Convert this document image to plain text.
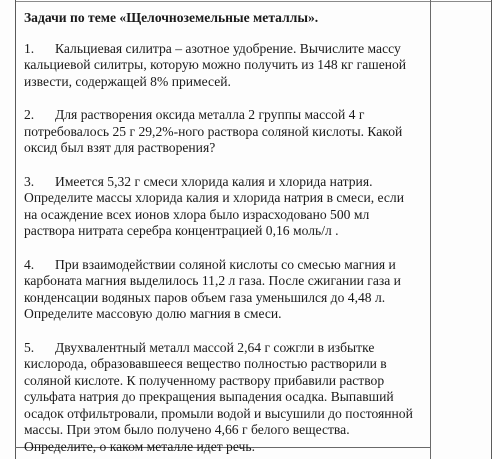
Задачи по теме «Щелочноземельные металлы».
1. Кальциевая силитра – азотное удобрение. Вычислите массу
кальциевой силитры, которую можно получить из 148 кг гашеной
извести, содержащей 8% примесей.
2. Для растворения оксида металла 2 группы массой 4 г
потребовалось 25 г 29,2%-ного раствора соляной кислоты. Какой
оксид был взят для растворения?
3. Имеется 5,32 г смеси хлорида калия и хлорида натрия.
Определите массы хлорида калия и хлорида натрия в смеси, если
на осаждение всех ионов хлора было израсходовано 500 мл
раствора нитрата серебра концентрацией 0,16 моль/л .
4. При взаимодействии соляной кислоты со смесью магния и
карбоната магния выделилось 11,2 л газа. После сжигании газа и
конденсации водяных паров объем газа уменьшился до 4,48 л.
Определите массовую долю магния в смеси.
5. Двухвалентный металл массой 2,64 г сожгли в избытке
кислорода, образовавшееся вещество полностью растворили в
соляной кислоте. К полученному раствору прибавили раствор
сульфата натрия до прекращения выпадения осадка. Выпавший
осадок отфильтровали, промыли водой и высушили до постоянной
массы. При этом было получено 4,66 г белого вещества.
Определите, о каком металле идет речь.
